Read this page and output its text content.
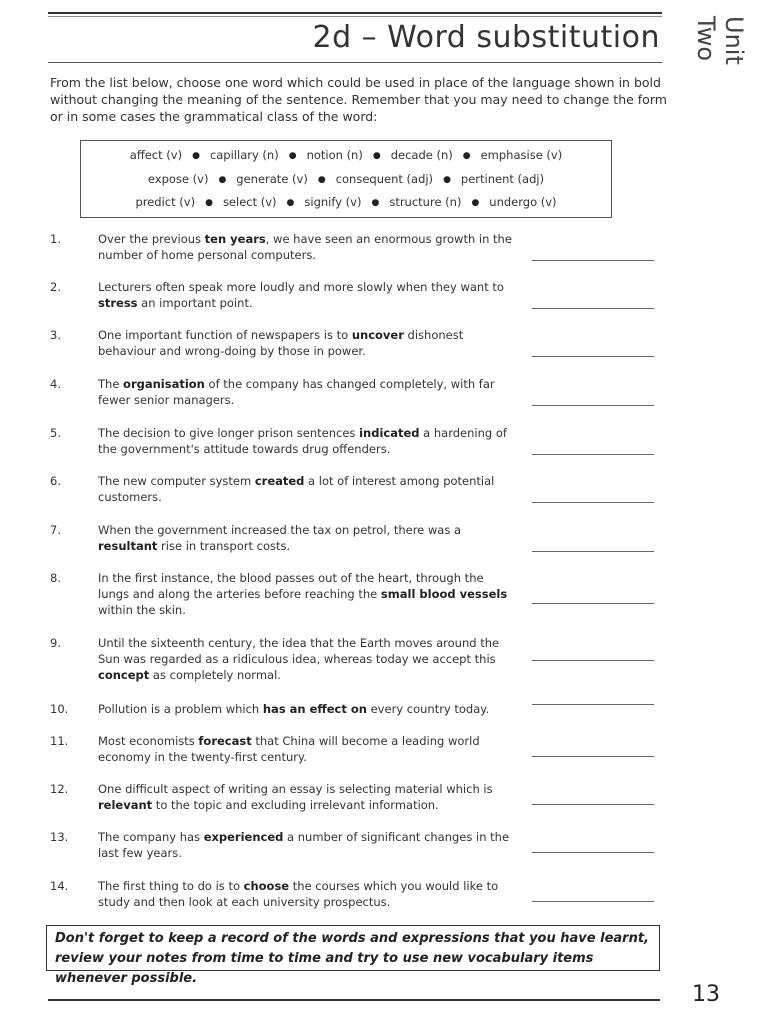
2d – Word substitution	Unit Two
From the list below, choose one word which could be used in place of the language shown in bold without changing the meaning of the sentence. Remember that you may need to change the form or in some cases the grammatical class of the word:
affect (v) ● capillary (n) ● notion (n) ● decade (n) ● emphasise (v)
expose (v) ● generate (v) ● consequent (adj) ● pertinent (adj)
predict (v) ● select (v) ● signify (v) ● structure (n) ● undergo (v)
1.	Over the previous ten years, we have seen an enormous growth in the number of home personal computers.
2.	Lecturers often speak more loudly and more slowly when they want to stress an important point.
3.	One important function of newspapers is to uncover dishonest behaviour and wrong-doing by those in power.
4.	The organisation of the company has changed completely, with far fewer senior managers.
5.	The decision to give longer prison sentences indicated a hardening of the government's attitude towards drug offenders.
6.	The new computer system created a lot of interest among potential customers.
7.	When the government increased the tax on petrol, there was a resultant rise in transport costs.
8.	In the first instance, the blood passes out of the heart, through the lungs and along the arteries before reaching the small blood vessels within the skin.
9.	Until the sixteenth century, the idea that the Earth moves around the Sun was regarded as a ridiculous idea, whereas today we accept this concept as completely normal.
10.	Pollution is a problem which has an effect on every country today.
11.	Most economists forecast that China will become a leading world economy in the twenty-first century.
12.	One difficult aspect of writing an essay is selecting material which is relevant to the topic and excluding irrelevant information.
13.	The company has experienced a number of significant changes in the last few years.
14.	The first thing to do is to choose the courses which you would like to study and then look at each university prospectus.
Don't forget to keep a record of the words and expressions that you have learnt, review your notes from time to time and try to use new vocabulary items whenever possible.
13
